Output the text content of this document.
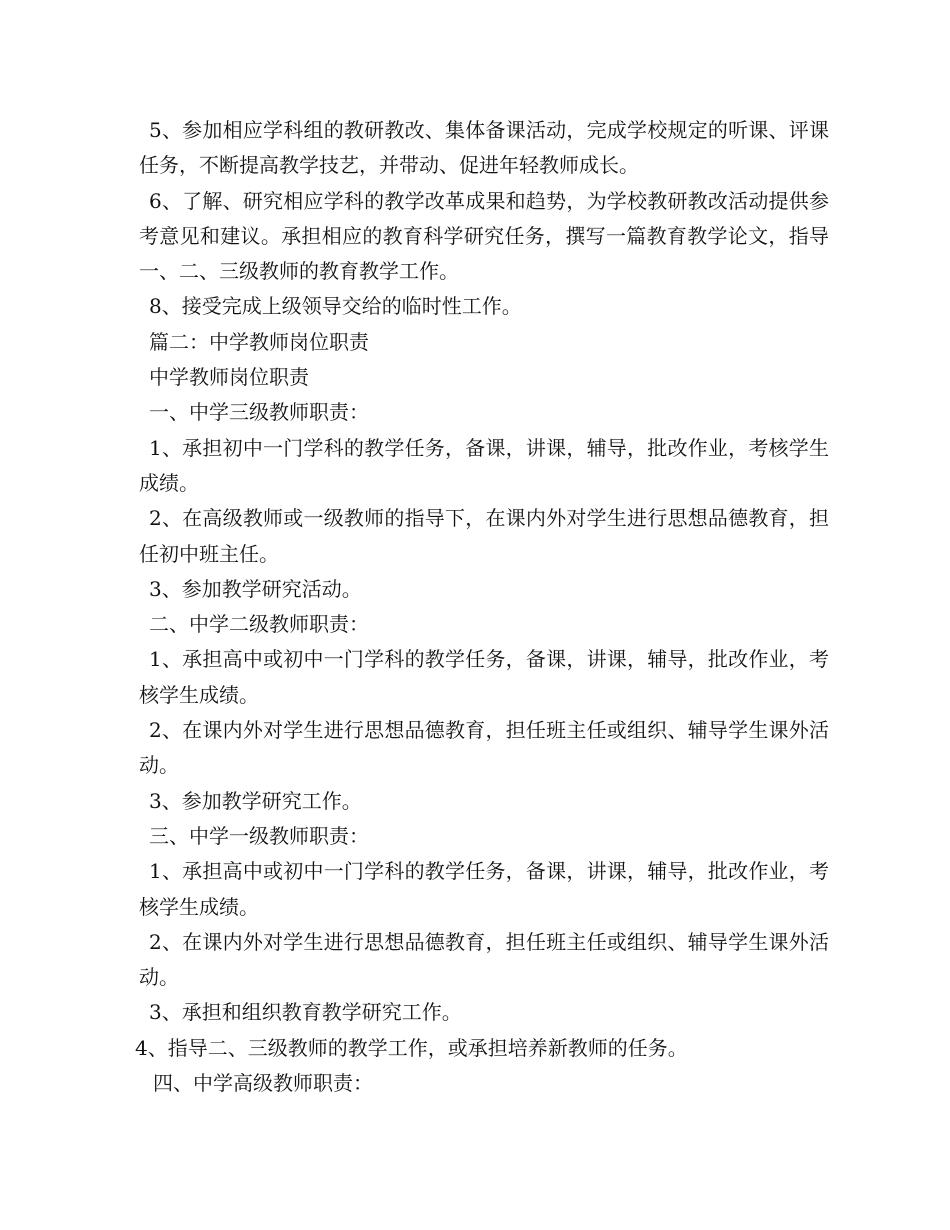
5、参加相应学科组的教研教改、集体备课活动，完成学校规定的听课、评课任务，不断提高教学技艺，并带动、促进年轻教师成长。

6、了解、研究相应学科的教学改革成果和趋势，为学校教研教改活动提供参考意见和建议。承担相应的教育科学研究任务，撰写一篇教育教学论文，指导一、二、三级教师的教育教学工作。

8、接受完成上级领导交给的临时性工作。

篇二：中学教师岗位职责

中学教师岗位职责

一、中学三级教师职责：

1、承担初中一门学科的教学任务，备课，讲课，辅导，批改作业，考核学生成绩。

2、在高级教师或一级教师的指导下，在课内外对学生进行思想品德教育，担任初中班主任。

3、参加教学研究活动。

二、中学二级教师职责：

1、承担高中或初中一门学科的教学任务，备课，讲课，辅导，批改作业，考核学生成绩。

2、在课内外对学生进行思想品德教育，担任班主任或组织、辅导学生课外活动。

3、参加教学研究工作。

三、中学一级教师职责：

1、承担高中或初中一门学科的教学任务，备课，讲课，辅导，批改作业，考核学生成绩。

2、在课内外对学生进行思想品德教育，担任班主任或组织、辅导学生课外活动。

3、承担和组织教育教学研究工作。

4、指导二、三级教师的教学工作，或承担培养新教师的任务。

四、中学高级教师职责：
